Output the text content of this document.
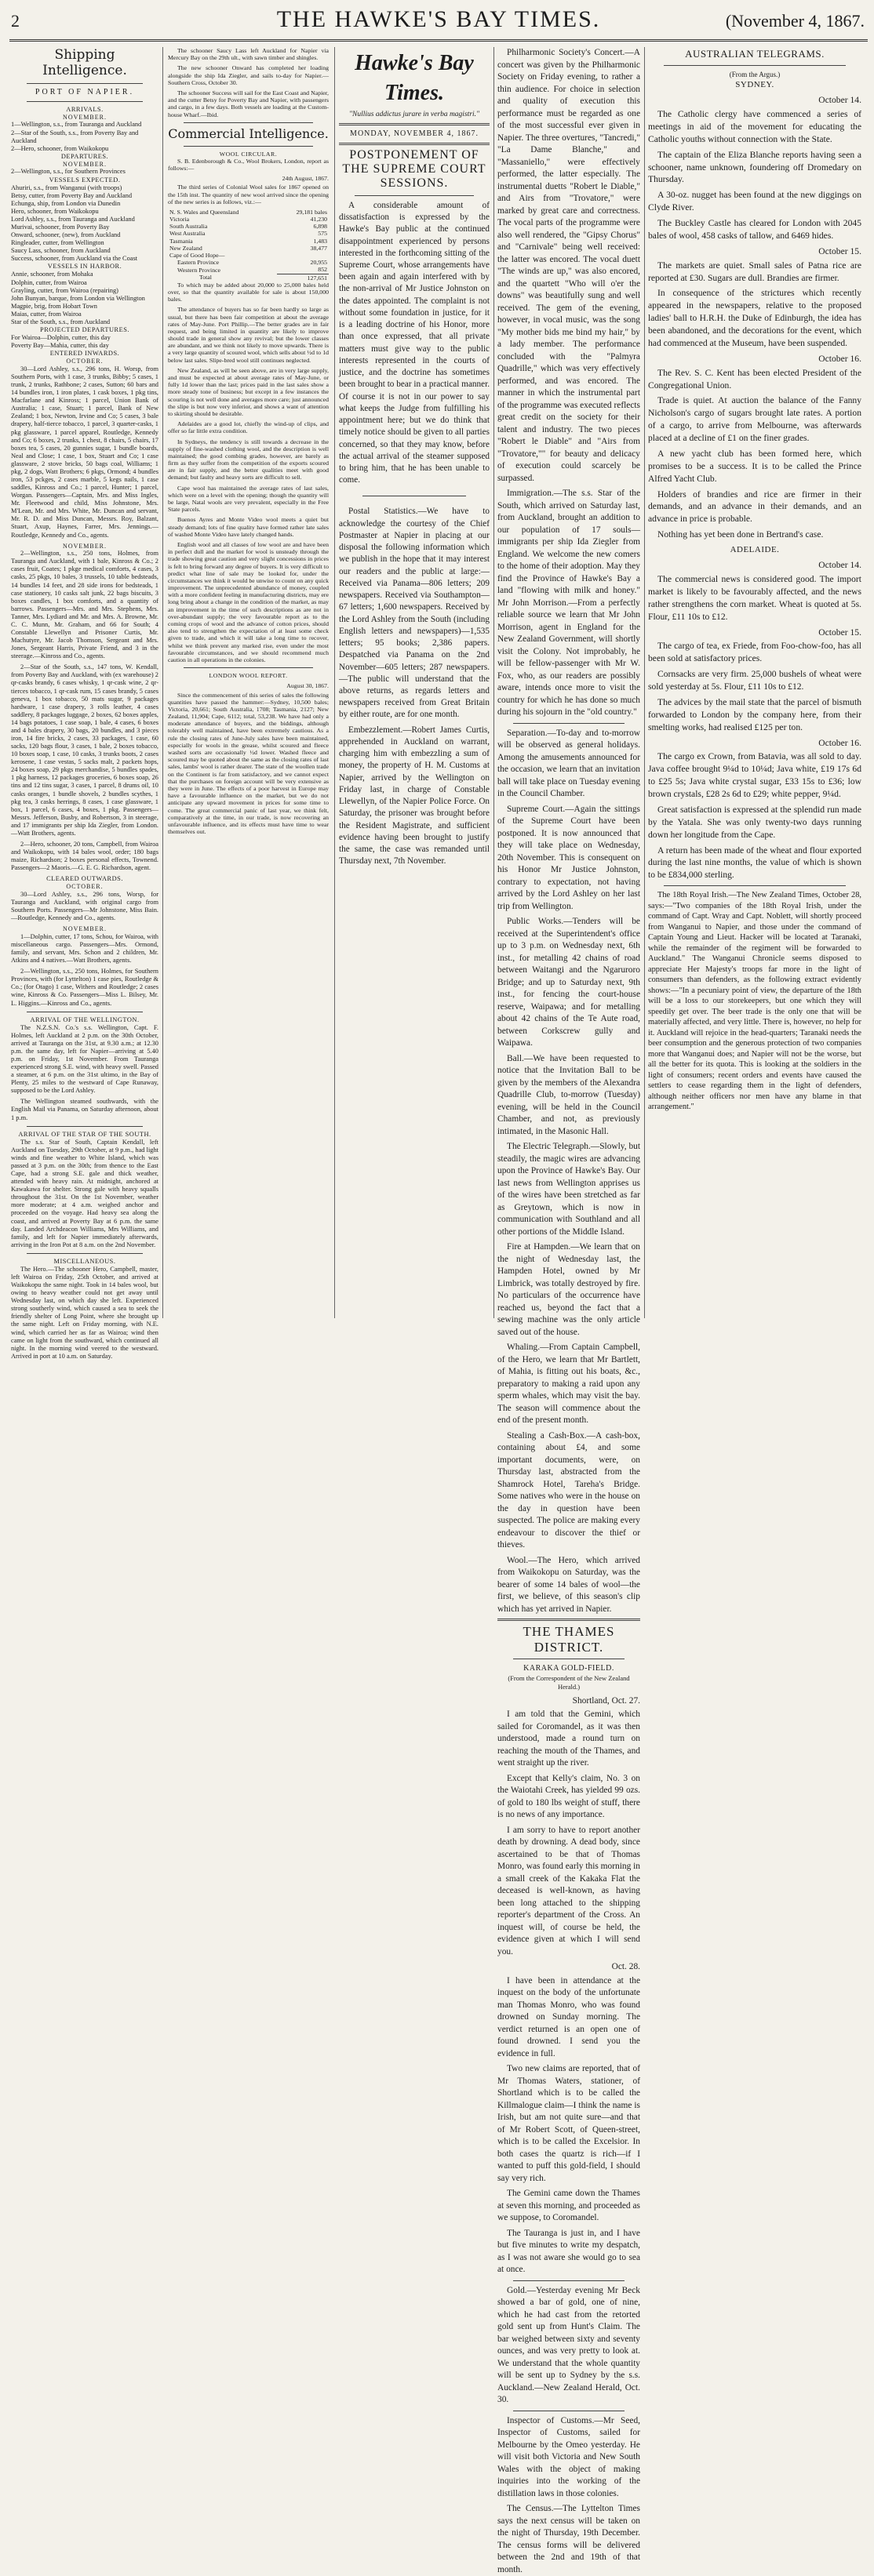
2	THE HAWKE'S BAY TIMES.	(November 4, 1867.
Shipping Intelligence.
PORT OF NAPIER.
ARRIVALS.
NOVEMBER.
1—Wellington, s.s., from Tauranga and Auckland
2—Star of the South, s.s., from Poverty Bay and Auckland
2—Hero, schooner, from Waikokopu
DEPARTURES.
NOVEMBER.
2—Wellington, s.s., for Southern Provinces
VESSELS EXPECTED.
Ahuriri, s.s., from Wanganui (with troops)
Betsy, cutter, from Poverty Bay and Auckland
Echunga, ship, from London via Dunedin
Hero, schooner, from Waikokopu
Lord Ashley, s.s., from Tauranga and Auckland
Murivai, schooner, from Poverty Bay
Onward, schooner, (new), from Auckland
Ringleader, cutter, from Wellington
Saucy Lass, schooner, from Auckland
Success, schooner, from Auckland via the Coast
VESSELS IN HARBOR.
Annie, schooner, from Mohaka
Dolphin, cutter, from Wairoa
Grayling, cutter, from Wairoa (repairing)
John Bunyan, barque, from London via Wellington
Magpie, brig, from Hobart Town
Maias, cutter, from Wairoa
Star of the South, s.s., from Auckland
PROJECTED DEPARTURES.
For Wairoa—Dolphin, cutter, this day
Poverty Bay—Mahia, cutter, this day
ENTERED INWARDS.
OCTOBER.

30—Lord Ashley, s.s., 296 tons, H. Worsp, from Southern Ports, with 1 case, 3 trunks, Bibby; 5 cases, 1 trunk, 2 trunks, Rathbone; 2 cases, Sutton; 60 bars and 14 bundles iron, 1 iron plates, 1 cask boxes, 1 pkg tins, Macfarlane and Kinross; 1 parcel, Union Bank of Australia; 1 case, Stuart; 1 parcel, Bank of New Zealand; 1 box, Newton, Irvine and Co; 5 cases, 3 bale drapery, half-tierce tobacco, 1 parcel, 3 quarter-casks, 1 pkg glassware, 1 parcel apparel, Routledge, Kennedy and Co; 6 boxes, 2 trunks, 1 chest, 8 chairs, 5 chairs, 17 boxes tea, 5 cases, 20 gunnies sugar, 1 bundle boards, Neal and Close; 1 case, 1 box, Stuart and Co; 1 case glassware, 2 stove bricks, 50 bags coal, Williams; 1 pkg, 2 dogs, Watt Brothers; 6 pkgs, Ormond; 4 bundles iron, 53 pckges, 2 cases marble, 5 kegs nails, 1 case saddles, Kinross and Co.; 1 parcel, Hunter; 1 parcel, Worgan. Passengers—Captain, Mrs. and Miss Ingles, Mr. Fleetwood and child, Miss Johnstone, Mrs. M'Lean, Mr. and Mrs. White, Mr. Duncan and servant, Mr. R. D. and Miss Duncan, Messrs. Roy, Balzant, Stuart, Axup, Haynes, Farrer, Mrs. Jennings.—Routledge, Kennedy and Co., agents.

NOVEMBER.

2—Wellington, s.s., 250 tons, Holmes, from Tauranga and Auckland, with 1 bale, Kinross & Co.; 2 cases fruit, Coates; 1 pkge medical comforts, 4 cases, 3 casks, 25 pkgs, 10 bales, 3 trussels, 10 table bedsteads, 14 bundles 14 feet, and 28 side irons for bedsteads, 1 case stationery, 10 casks salt junk, 22 bags biscuits, 3 boxes candles, 1 box comforts, and a quantity of barrows. Passengers—Mrs. and Mrs. Stephens, Mrs. Tanner, Mrs. Lydiard and Mr. and Mrs. A. Browne, Mr. C. C. Munn, Mr. Graham, and 66 for South; 4 Constable Llewellyn and Prisoner Curtis, Mr. Machutyre, Mr. Jacob Thomson, Sergeant and Mrs. Jones, Sergeant Harris, Private Friend, and 3 in the steerage.—Kinross and Co., agents.

2—Star of the South, s.s., 147 tons, W. Kendall, from Poverty Bay and Auckland, with (ex warehouse) 2 qr-casks brandy, 6 cases whisky, 1 qr-cask wine, 2 qr-tierces tobacco, 1 qr-cask rum, 15 cases brandy, 5 cases geneva, 1 box tobacco, 50 mats sugar, 9 packages hardware, 1 case drapery, 3 rolls leather, 4 cases saddlery, 8 packages luggage, 2 boxes, 62 boxes apples, 14 bags potatoes, 1 case soap, 1 bale, 4 cases, 6 boxes and 4 bales drapery, 30 bags, 20 bundles, and 3 pieces iron, 14 fire bricks, 2 cases, 33 packages, 1 case, 60 sacks, 120 bags flour, 3 cases, 1 bale, 2 boxes tobacco, 10 boxes soap, 1 case, 10 casks, 3 trunks boots, 2 cases kerosene, 1 case vestas, 5 sacks malt, 2 packets hops, 24 boxes soap, 29 pkgs merchandise, 5 bundles spades, 1 pkg harness, 12 packages groceries, 6 boxes soap, 26 tins and 12 tins sugar, 3 cases, 1 parcel, 8 drums oil, 10 casks oranges, 1 bundle shovels, 2 bundles scythes, 1 pkg tea, 3 casks herrings, 8 cases, 1 case glassware, 1 box, 1 parcel, 6 cases, 4 boxes, 1 pkg. Passengers—Messrs. Jefferson, Busby, and Robertson, 3 in steerage, and 17 immigrants per ship Ida Ziegler, from London.—Watt Brothers, agents.

2—Hero, schooner, 20 tons, Campbell, from Wairoa and Waikokopu, with 14 bales wool, order; 180 bags maize, Richardson; 2 boxes personal effects, Townend. Passengers—2 Maoris.—G. E. G. Richardson, agent.

CLEARED OUTWARDS.
OCTOBER.

30—Lord Ashley, s.s., 296 tons, Worsp, for Tauranga and Auckland, with original cargo from Southern Ports. Passengers—Mr Johnstone, Miss Bain.—Routledge, Kennedy and Co., agents.

NOVEMBER.

1—Dolphin, cutter, 17 tons, Schou, for Wairoa, with miscellaneous cargo. Passengers—Mrs. Ormond, family, and servant, Mrs. Schon and 2 children, Mr. Atkins and 4 natives.—Watt Brothers, agents.

2—Wellington, s.s., 250 tons, Holmes, for Southern Provinces, with (for Lyttelton) 1 case pies, Routledge & Co.; (for Otago) 1 case, Withers and Routledge; 2 cases wine, Kinross & Co. Passengers—Miss L. Bilsey, Mr. L. Higgins.—Kinross and Co., agents.

ARRIVAL OF THE WELLINGTON.

The N.Z.S.N. Co.'s s.s. Wellington, Capt. F. Holmes, left Auckland at 2 p.m. on the 30th October, arrived at Tauranga on the 31st, at 9.30 a.m.; at 12.30 p.m. the same day, left for Napier—arriving at 5.40 p.m. on Friday, 1st November. From Tauranga experienced strong S.E. wind, with heavy swell. Passed a steamer, at 6 p.m. on the 31st ultimo, in the Bay of Plenty, 25 miles to the westward of Cape Runaway, supposed to be the Lord Ashley.

The Wellington steamed southwards, with the English Mail via Panama, on Saturday afternoon, about 1 p.m.

ARRIVAL OF THE STAR OF THE SOUTH.

The s.s. Star of South, Captain Kendall, left Auckland on Tuesday, 29th October, at 9 p.m., had light winds and fine weather to White Island, which was passed at 3 p.m. on the 30th; from thence to the East Cape, had a strong S.E. gale and thick weather, attended with heavy rain. At midnight, anchored at Kawakawa for shelter. Strong gale with heavy squalls throughout the 31st. On the 1st November, weather more moderate; at 4 a.m. weighed anchor and proceeded on the voyage. Had heavy sea along the coast, and arrived at Poverty Bay at 6 p.m. the same day. Landed Archdeacon Williams, Mrs Williams, and family, and left for Napier immediately afterwards, arriving in the Iron Pot at 8 a.m. on the 2nd November.

MISCELLANEOUS.

The Hero.—The schooner Hero, Campbell, master, left Wairoa on Friday, 25th October, and arrived at Waikokopu the same night. Took in 14 bales wool, but owing to heavy weather could not get away until Wednesday last, on which day she left. Experienced strong southerly wind, which caused a sea to seek the friendly shelter of Long Point, where she brought up the same night. Left on Friday morning, with N.E. wind, which carried her as far as Wairoa; wind then came on light from the southward, which continued all night. In the morning wind veered to the westward. Arrived in port at 10 a.m. on Saturday.

The schooner Saucy Lass left Auckland for Napier via Mercury Bay on the 29th ult., with sawn timber and shingles.

The new schooner Onward has completed her loading alongside the ship Ida Ziegler, and sails to-day for Napier.—Southern Cross, October 30.

The schooner Success will sail for the East Coast and Napier, and the cutter Betsy for Poverty Bay and Napier, with passengers and cargo, in a few days. Both vessels are loading at the Custom-house Wharf.—Ibid.

Commercial Intelligence.
WOOL CIRCULAR.

S. B. Edenborough & Co., Wool Brokers, London, report as follows:—

24th August, 1867.

The third series of Colonial Wool sales for 1867 opened on the 15th inst. The quantity of new wool arrived since the opening of the new series is as follows, viz.:—

N. S. Wales and Queensland	29,181 bales
Victoria	41,230
South Australia	6,898
West Australia	575
Tasmania	1,483
New Zealand	38,477
Cape of Good Hope—	
Eastern Province	20,955
Western Province	852
Total	127,651

To which may be added about 20,000 to 25,000 bales held over, so that the quantity available for sale is about 150,000 bales.

The attendance of buyers has so far been hardly so large as usual, but there has been fair competition at about the average rates of May-June. Port Phillip.—The better grades are in fair request, and being limited in quantity are likely to improve should trade in general show any revival; but the lower classes are abundant, and we think not likely to move upwards. There is a very large quantity of scoured wool, which sells about ½d to 1d below last sales. Slipe-bred wool still continues neglected.

New Zealand, as will be seen above, are in very large supply, and must be expected at about average rates of May-June, or fully 1d lower than the last; prices paid in the last sales show a more steady tone of business; but except in a few instances the scouring is not well done and averages more care; just announced the slipe is but now very inferior, and shows a want of attention to skirting should be desirable.

Adelaides are a good lot, chiefly the wind-up of clips, and offer so far little extra condition.

In Sydneys, the tendency is still towards a decrease in the supply of fine-washed clothing wool, and the description is well maintained; the good combing grades, however, are barely as firm as they suffer from the competition of the exports scoured are in fair supply, and the better qualities meet with good demand; but faulty and heavy sorts are difficult to sell.

Cape wool has maintained the average rates of last sales, which were on a level with the opening; though the quantity will be large, Natal wools are very prevalent, especially in the Free State parcels.

Buenos Ayres and Monte Video wool meets a quiet but steady demand; lots of fine quality have formed rather late sales of washed Monte Video have lately changed hands.

English wool and all classes of low wool are and have been in perfect dull and the market for wool is unsteady through the trade showing great caution and very slight concessions in prices is felt to bring forward any degree of buyers. It is very difficult to predict what line of sale may be looked for, under the circumstances we think it would be unwise to count on any quick improvement. The unprecedented abundance of money, coupled with a more confident feeling in manufacturing districts, may ere long bring about a change in the condition of the market, as may an improvement in the time of such descriptions as are not in over-abundant supply; the very favourable report as to the coming crops of wool and the advance of cotton prices, should also tend to strengthen the expectation of at least some check given to trade, and which it will take a long time to recover, whilst we think prevent any marked rise, even under the most favourable circumstances, and we should recommend much caution in all operations in the colonies.

LONDON WOOL REPORT.
August 30, 1867.

Since the commencement of this series of sales the following quantities have passed the hammer:—Sydney, 10,500 bales; Victoria, 20,661; South Australia, 1708; Tasmania, 2127; New Zealand, 11,904; Cape, 6112; total, 53,238. We have had only a moderate attendance of buyers, and the biddings, although tolerably well maintained, have been extremely cautious. As a rule the closing rates of June-July sales have been maintained, especially for wools in the grease, whilst scoured and fleece washed sorts are occasionally ½d lower. Washed fleece and scoured may be quoted about the same as the closing rates of last sales, lambs' wool is rather dearer. The state of the woollen trade on the Continent is far from satisfactory, and we cannot expect that the purchases on foreign account will be very extensive as they were in June. The effects of a poor harvest in Europe may have a favourable influence on the market, but we do not anticipate any upward movement in prices for some time to come. The great commercial panic of last year, we think felt, comparatively at the time, in our trade, is now recovering an unfavourable influence, and its effects must have time to wear themselves out.

Hawke's Bay Times.
"Nullius addictus jurare in verba magistri."
MONDAY, NOVEMBER 4, 1867.
POSTPONEMENT OF THE SUPREME COURT SESSIONS.

A considerable amount of dissatisfaction is expressed by the Hawke's Bay public at the continued disappointment experienced by persons interested in the forthcoming sitting of the Supreme Court, whose arrangements have been again and again interfered with by the non-arrival of Mr Justice Johnston on the dates appointed. The complaint is not without some foundation in justice, for it is a leading doctrine of his Honor, more than once expressed, that all private matters must give way to the public interests represented in the courts of justice, and the doctrine has sometimes been brought to bear in a practical manner. Of course it is not in our power to say what keeps the Judge from fulfilling his appointment here; but we do think that timely notice should be given to all parties concerned, so that they may know, before the actual arrival of the steamer supposed to bring him, that he has been unable to come.

Postal Statistics.—We have to acknowledge the courtesy of the Chief Postmaster at Napier in placing at our disposal the following information which we publish in the hope that it may interest our readers and the public at large:—Received via Panama—806 letters; 209 newspapers. Received via Southampton—67 letters; 1,600 newspapers. Received by the Lord Ashley from the South (including English letters and newspapers)—1,535 letters; 95 books; 2,386 papers. Despatched via Panama on the 2nd November—605 letters; 287 newspapers.—The public will understand that the above returns, as regards letters and newspapers received from Great Britain by either route, are for one month.

Embezzlement.—Robert James Curtis, apprehended in Auckland on warrant, charging him with embezzling a sum of money, the property of H. M. Customs at Napier, arrived by the Wellington on Friday last, in charge of Constable Llewellyn, of the Napier Police Force. On Saturday, the prisoner was brought before the Resident Magistrate, and sufficient evidence having been brought to justify the same, the case was remanded until Thursday next, 7th November.

Philharmonic Society's Concert.—A concert was given by the Philharmonic Society on Friday evening, to rather a thin audience. For choice in selection and quality of execution this performance must be regarded as one of the most successful ever given in Napier. The three overtures, "Tancredi," "La Dame Blanche," and "Massaniello," were effectively performed, the latter especially. The instrumental duetts "Robert le Diable," and Airs from "Trovatore," were marked by great care and correctness. The vocal parts of the programme were also well rendered, the "Gipsy Chorus" and "Carnivale" being well received: the latter was encored. The vocal duett "The winds are up," was also encored, and the quartett "Who will o'er the downs" was beautifully sung and well received. The gem of the evening, however, in vocal music, was the song "My mother bids me bind my hair," by a lady member. The performance concluded with the "Palmyra Quadrille," which was very effectively performed, and was encored. The manner in which the instrumental part of the programme was executed reflects great credit on the society for their talent and industry. The two pieces "Robert le Diable" and "Airs from "Trovatore,"" for beauty and delicacy of execution could scarcely be surpassed.

Immigration.—The s.s. Star of the South, which arrived on Saturday last, from Auckland, brought an addition to our population of 17 souls—immigrants per ship Ida Ziegler from England. We welcome the new comers to the home of their adoption. May they find the Province of Hawke's Bay a land "flowing with milk and honey." Mr John Morrison.—From a perfectly reliable source we learn that Mr John Morrison, agent in England for the New Zealand Government, will shortly visit the Colony. Not improbably, he will be fellow-passenger with Mr W. Fox, who, as our readers are possibly aware, intends once more to visit the country for which he has done so much during his sojourn in the "old country."

Separation.—To-day and to-morrow will be observed as general holidays. Among the amusements announced for the occasion, we learn that an invitation ball will take place on Tuesday evening in the Council Chamber.

Supreme Court.—Again the sittings of the Supreme Court have been postponed. It is now announced that they will take place on Wednesday, 20th November. This is consequent on his Honor Mr Justice Johnston, contrary to expectation, not having arrived by the Lord Ashley on her last trip from Wellington.

Public Works.—Tenders will be received at the Superintendent's office up to 3 p.m. on Wednesday next, 6th inst., for metalling 42 chains of road between Waitangi and the Ngaruroro Bridge; and up to Saturday next, 9th inst., for fencing the court-house reserve, Waipawa; and for metalling about 42 chains of the Te Aute road, between Corkscrew gully and Waipawa.

Ball.—We have been requested to notice that the Invitation Ball to be given by the members of the Alexandra Quadrille Club, to-morrow (Tuesday) evening, will be held in the Council Chamber, and not, as previously intimated, in the Masonic Hall.

The Electric Telegraph.—Slowly, but steadily, the magic wires are advancing upon the Province of Hawke's Bay. Our last news from Wellington apprises us of the wires have been stretched as far as Greytown, which is now in communication with Southland and all other portions of the Middle Island.

Fire at Hampden.—We learn that on the night of Wednesday last, the Hampden Hotel, owned by Mr Limbrick, was totally destroyed by fire. No particulars of the occurrence have reached us, beyond the fact that a sewing machine was the only article saved out of the house.

Whaling.—From Captain Campbell, of the Hero, we learn that Mr Bartlett, of Mahia, is fitting out his boats, &c., preparatory to making a raid upon any sperm whales, which may visit the bay. The season will commence about the end of the present month.

Stealing a Cash-Box.—A cash-box, containing about £4, and some important documents, were, on Thursday last, abstracted from the Shamrock Hotel, Tareha's Bridge. Some natives who were in the house on the day in question have been suspected. The police are making every endeavour to discover the thief or thieves.

Wool.—The Hero, which arrived from Waikokopu on Saturday, was the bearer of some 14 bales of wool—the first, we believe, of this season's clip which has yet arrived in Napier.

THE THAMES DISTRICT.
KARAKA GOLD-FIELD.
(From the Correspondent of the New Zealand Herald.)
Shortland, Oct. 27.

I am told that the Gemini, which sailed for Coromandel, as it was then understood, made a round turn on reaching the mouth of the Thames, and went straight up the river.

Except that Kelly's claim, No. 3 on the Waiotahi Creek, has yielded 99 ozs. of gold to 180 lbs weight of stuff, there is no news of any importance.

I am sorry to have to report another death by drowning. A dead body, since ascertained to be that of Thomas Monro, was found early this morning in a small creek of the Kakaka Flat the deceased is well-known, as having been long attached to the shipping reporter's department of the Cross. An inquest will, of course be held, the evidence given at which I will send you.

Oct. 28.

I have been in attendance at the inquest on the body of the unfortunate man Thomas Monro, who was found drowned on Sunday morning. The verdict returned is an open one of found drowned. I send you the evidence in full.

Two new claims are reported, that of Mr Thomas Waters, stationer, of Shortland which is to be called the Killmalogue claim—I think the name is Irish, but am not quite sure—and that of Mr Robert Scott, of Queen-street, which is to be called the Excelsior. In both cases the quartz is rich—if I wanted to puff this gold-field, I should say very rich.

The Gemini came down the Thames at seven this morning, and proceeded as we suppose, to Coromandel.

The Tauranga is just in, and I have but five minutes to write my despatch, as I was not aware she would go to sea at once.

Gold.—Yesterday evening Mr Beck showed a bar of gold, one of nine, which he had cast from the retorted gold sent up from Hunt's Claim. The bar weighed between sixty and seventy ounces, and was very pretty to look at. We understand that the whole quantity will be sent up to Sydney by the s.s. Auckland.—New Zealand Herald, Oct. 30.

Inspector of Customs.—Mr Seed, Inspector of Customs, sailed for Melbourne by the Omeo yesterday. He will visit both Victoria and New South Wales with the object of making inquiries into the working of the distillation laws in those colonies.

The Census.—The Lyttelton Times says the next census will be taken on the night of Thursday, 19th December. The census forms will be delivered between the 2nd and 19th of that month.

AUSTRALIAN TELEGRAMS.
(From the Argus.)
SYDNEY.
October 14.

The Catholic clergy have commenced a series of meetings in aid of the movement for educating the Catholic youths without connection with the State.

The captain of the Eliza Blanche reports having seen a schooner, name unknown, foundering off Dromedary on Thursday.

A 30-oz. nugget has been found at the new diggings on Clyde River.

The Buckley Castle has cleared for London with 2045 bales of wool, 458 casks of tallow, and 6469 hides.

October 15.

The markets are quiet. Small sales of Patna rice are reported at £30. Sugars are dull. Brandies are firmer.

In consequence of the strictures which recently appeared in the newspapers, relative to the proposed ladies' ball to H.R.H. the Duke of Edinburgh, the idea has been abandoned, and the decorations for the event, which had commenced at the Museum, have been suspended.

October 16.

The Rev. S. C. Kent has been elected President of the Congregational Union.

Trade is quiet. At auction the balance of the Fanny Nicholson's cargo of sugars brought late rates. A portion of a cargo, to arrive from Melbourne, was afterwards placed at a decline of £1 on the finer grades.

A new yacht club has been formed here, which promises to be a success. It is to be called the Prince Alfred Yacht Club.

Holders of brandies and rice are firmer in their demands, and an advance in their demands, and an advance in price is probable.

Nothing has yet been done in Bertrand's case.

ADELAIDE.
October 14.

The commercial news is considered good. The import market is likely to be favourably affected, and the news rather strengthens the corn market. Wheat is quoted at 5s. Flour, £11 10s to £12.

October 15.

The cargo of tea, ex Friede, from Foo-chow-foo, has all been sold at satisfactory prices.

Cornsacks are very firm. 25,000 bushels of wheat were sold yesterday at 5s. Flour, £11 10s to £12.

The advices by the mail state that the parcel of bismuth forwarded to London by the company here, from their smelting works, had realised £125 per ton.

October 16.

The cargo ex Crown, from Batavia, was all sold to day. Java coffee brought 9¼d to 10¼d; Java white, £19 17s 6d to £25 5s; Java white crystal sugar, £33 15s to £36; low brown crystals, £28 2s 6d to £29; white pepper, 9¼d.

Great satisfaction is expressed at the splendid run made by the Yatala. She was only twenty-two days running down her longitude from the Cape.

A return has been made of the wheat and flour exported during the last nine months, the value of which is shown to be £834,000 sterling.

The 18th Royal Irish.—The New Zealand Times, October 28, says:—"Two companies of the 18th Royal Irish, under the command of Capt. Wray and Capt. Noblett, will shortly proceed from Wanganui to Napier, and those under the command of Captain Young and Lieut. Hacker will be located at Taranaki, while the remainder of the regiment will be forwarded to Auckland." The Wanganui Chronicle seems disposed to appreciate Her Majesty's troops far more in the light of consumers than defenders, as the following extract evidently shows:—"In a pecuniary point of view, the departure of the 18th will be a loss to our storekeepers, but one which they will speedily get over. The beer trade is the only one that will be materially affected, and very little. There is, however, no help for it. Auckland will rejoice in the head-quarters; Taranaki needs the beer consumption and the generous protection of two companies more that Wanganui does; and Napier will not be the worse, but all the better for its quota. This is looking at the soldiers in the light of consumers; recent orders and events have caused the settlers to cease regarding them in the light of defenders, although neither officers nor men have any blame in that arrangement."
